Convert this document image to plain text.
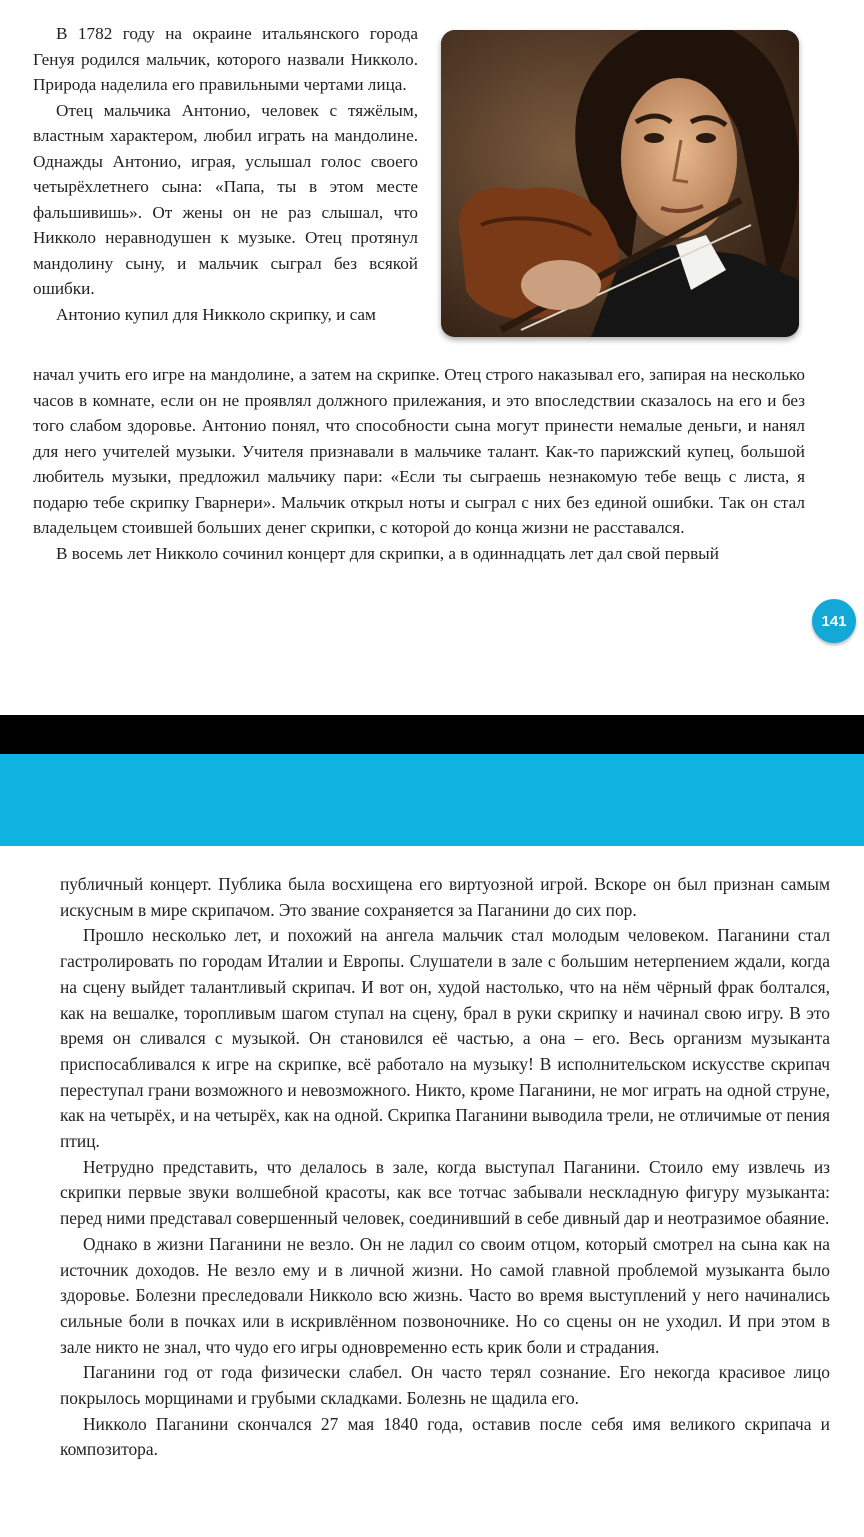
В 1782 году на окраине итальянского города Генуя родился мальчик, которого назвали Никколо. Природа наделила его правильными чертами лица.

Отец мальчика Антонио, человек с тяжёлым, властным характером, любил играть на мандолине. Однажды Антонио, играя, услышал голос своего четырёхлетнего сына: «Папа, ты в этом месте фальшивишь». От жены он не раз слышал, что Никколо неравнодушен к музыке. Отец протянул мандолину сыну, и мальчик сыграл без всякой ошибки.

Антонио купил для Никколо скрипку, и сам

начал учить его игре на мандолине, а затем на скрипке. Отец строго наказывал его, запирая на несколько часов в комнате, если он не проявлял должного прилежания, и это впоследствии сказалось на его и без того слабом здоровье. Антонио понял, что способности сына могут принести немалые деньги, и нанял для него учителей музыки. Учителя признавали в мальчике талант. Как-то парижский купец, большой любитель музыки, предложил мальчику пари: «Если ты сыграешь незнакомую тебе вещь с листа, я подарю тебе скрипку Гварнери». Мальчик открыл ноты и сыграл с них без единой ошибки. Так он стал владельцем стоившей больших денег скрипки, с которой до конца жизни не расставался.

В восемь лет Никколо сочинил концерт для скрипки, а в одиннадцать лет дал свой первый

141

публичный концерт. Публика была восхищена его виртуозной игрой. Вскоре он был признан самым искусным в мире скрипачом. Это звание сохраняется за Паганини до сих пор.

Прошло несколько лет, и похожий на ангела мальчик стал молодым человеком. Паганини стал гастролировать по городам Италии и Европы. Слушатели в зале с большим нетерпением ждали, когда на сцену выйдет талантливый скрипач. И вот он, худой настолько, что на нём чёрный фрак болтался, как на вешалке, торопливым шагом ступал на сцену, брал в руки скрипку и начинал свою игру. В это время он сливался с музыкой. Он становился её частью, а она – его. Весь организм музыканта приспосабливался к игре на скрипке, всё работало на музыку! В исполнительском искусстве скрипач переступал грани возможного и невозможного. Никто, кроме Паганини, не мог играть на одной струне, как на четырёх, и на четырёх, как на одной. Скрипка Паганини выводила трели, не отличимые от пения птиц.

Нетрудно представить, что делалось в зале, когда выступал Паганини. Стоило ему извлечь из скрипки первые звуки волшебной красоты, как все тотчас забывали нескладную фигуру музыканта: перед ними представал совершенный человек, соединивший в себе дивный дар и неотразимое обаяние.

Однако в жизни Паганини не везло. Он не ладил со своим отцом, который смотрел на сына как на источник доходов. Не везло ему и в личной жизни. Но самой главной проблемой музыканта было здоровье. Болезни преследовали Никколо всю жизнь. Часто во время выступлений у него начинались сильные боли в почках или в искривлённом позвоночнике. Но со сцены он не уходил. И при этом в зале никто не знал, что чудо его игры одновременно есть крик боли и страдания.

Паганини год от года физически слабел. Он часто терял сознание. Его некогда красивое лицо покрылось морщинами и грубыми складками. Болезнь не щадила его.

Никколо Паганини скончался 27 мая 1840 года, оставив после себя имя великого скрипача и композитора.
